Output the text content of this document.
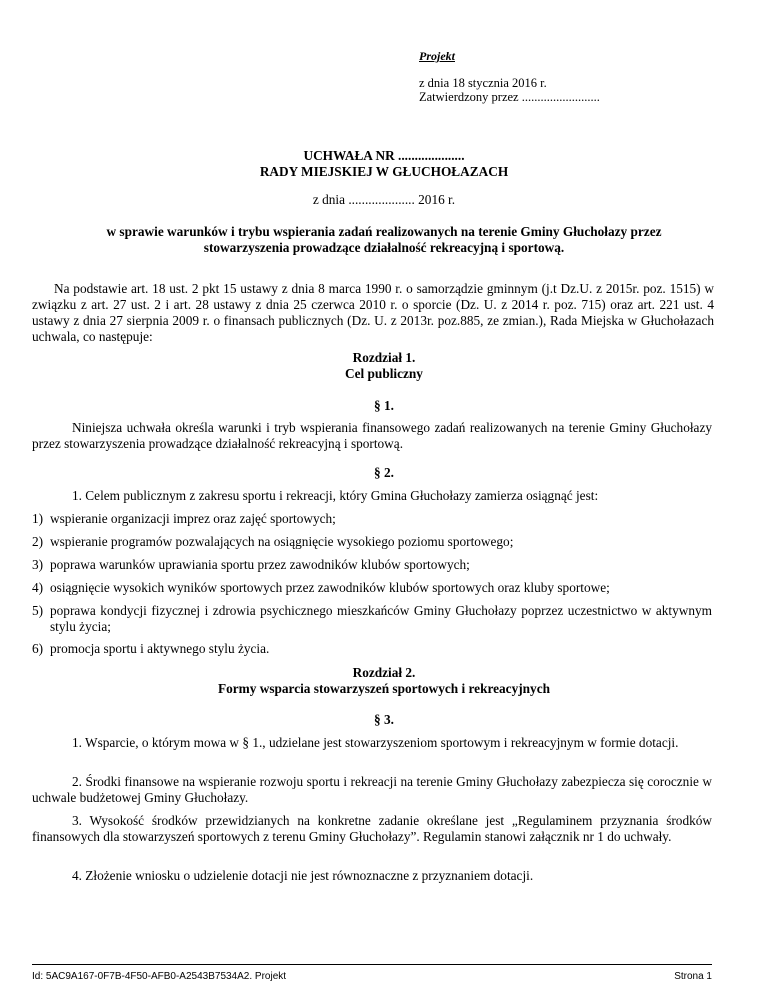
Projekt
z dnia 18 stycznia 2016 r.
Zatwierdzony przez .........................
UCHWAŁA NR ....................
RADY MIEJSKIEJ W GŁUCHOŁAZACH
z dnia .................... 2016 r.
w sprawie warunków i trybu wspierania zadań realizowanych na terenie Gminy Głuchołazy przez stowarzyszenia prowadzące działalność rekreacyjną i sportową.
Na podstawie art. 18 ust. 2 pkt 15 ustawy z dnia 8 marca 1990 r. o samorządzie gminnym (j.t Dz.U. z 2015r. poz. 1515) w związku z art. 27 ust. 2 i art. 28 ustawy z dnia 25 czerwca 2010 r. o sporcie (Dz. U. z 2014 r. poz. 715) oraz art. 221 ust. 4 ustawy z dnia 27 sierpnia 2009 r. o finansach publicznych (Dz. U. z 2013r. poz.885, ze zmian.), Rada Miejska w Głuchołazach uchwala, co następuje:
Rozdział 1.
Cel publiczny
§ 1.
Niniejsza uchwała określa warunki i tryb wspierania finansowego zadań realizowanych na terenie Gminy Głuchołazy przez stowarzyszenia prowadzące działalność rekreacyjną i sportową.
§ 2.
1. Celem publicznym z zakresu sportu i rekreacji, który Gmina Głuchołazy zamierza osiągnąć jest:
1) wspieranie organizacji imprez oraz zajęć sportowych;
2) wspieranie programów pozwalających na osiągnięcie wysokiego poziomu sportowego;
3) poprawa warunków uprawiania sportu przez zawodników klubów sportowych;
4) osiągnięcie wysokich wyników sportowych przez zawodników klubów sportowych oraz kluby sportowe;
5) poprawa kondycji fizycznej i zdrowia psychicznego mieszkańców Gminy Głuchołazy poprzez uczestnictwo w aktywnym stylu życia;
6) promocja sportu i aktywnego stylu życia.
Rozdział 2.
Formy wsparcia stowarzyszeń sportowych i rekreacyjnych
§ 3.
1. Wsparcie, o którym mowa w § 1., udzielane jest stowarzyszeniom sportowym i rekreacyjnym w formie dotacji.
2. Środki finansowe na wspieranie rozwoju sportu i rekreacji na terenie Gminy Głuchołazy zabezpiecza się corocznie w uchwale budżetowej Gminy Głuchołazy.
3. Wysokość środków przewidzianych na konkretne zadanie określane jest „Regulaminem przyznania środków finansowych dla stowarzyszeń sportowych z terenu Gminy Głuchołazy”. Regulamin stanowi załącznik nr 1 do uchwały.
4. Złożenie wniosku o udzielenie dotacji nie jest równoznaczne z przyznaniem dotacji.
Id: 5AC9A167-0F7B-4F50-AFB0-A2543B7534A2. Projekt	Strona 1
